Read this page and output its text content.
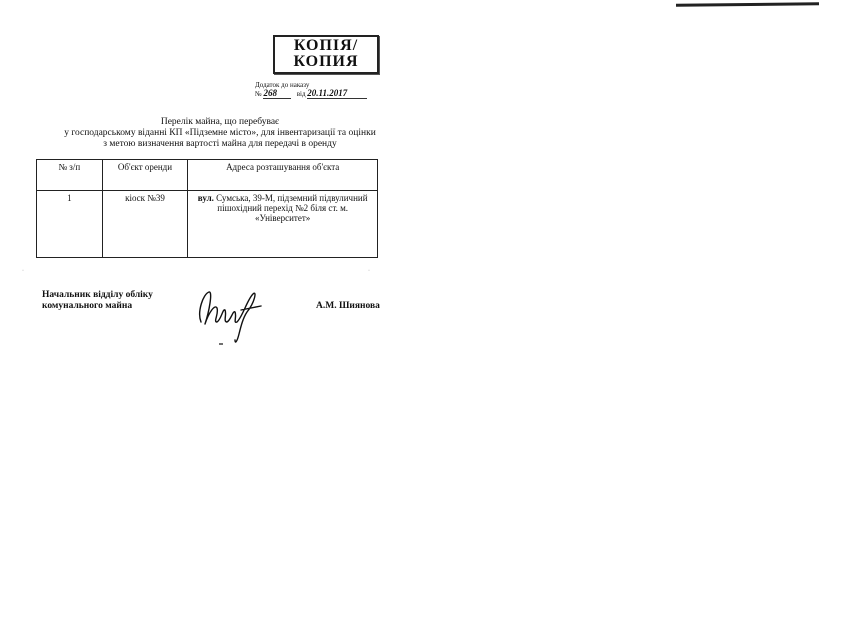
КОПІЯ/
КОПИЯ
Додаток до наказу
№ 268	від 20.11.2017
Перелік майна, що перебуває
у господарському віданні КП «Підземне місто», для інвентаризації та оцінки
з метою визначення вартості майна для передачі в оренду
№ з/п	Об'єкт оренди	Адреса розташування об'єкта
1	кіоск №39	вул. Сумська, 39-М, підземний підвуличний пішохідний перехід №2 біля ст. м. «Університет»
·	·
Начальник відділу обліку
комунального майна	А.М. Шиянова
